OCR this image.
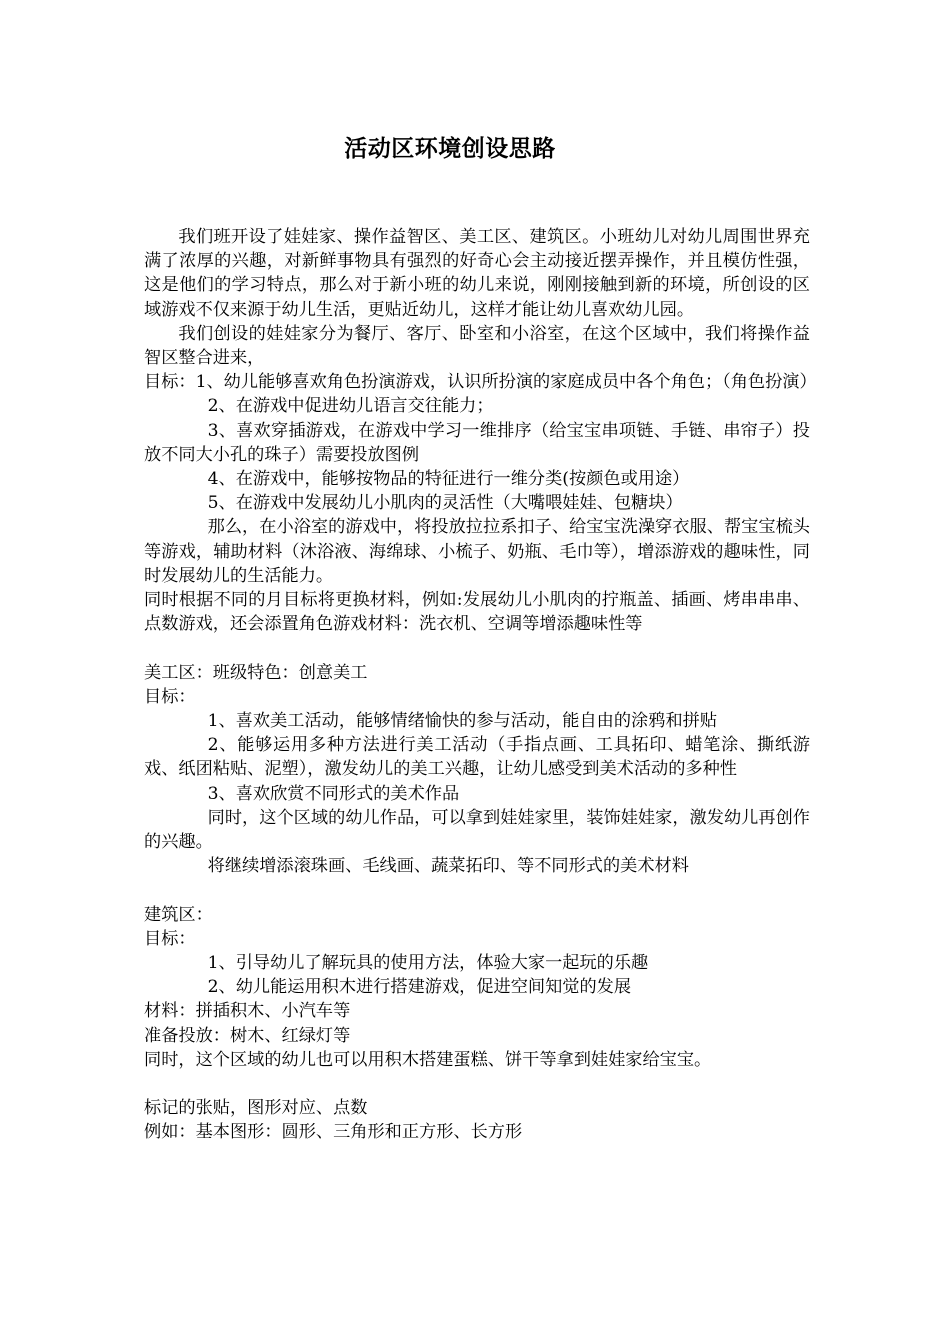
活动区环境创设思路

我们班开设了娃娃家、操作益智区、美工区、建筑区。小班幼儿对幼儿周围世界充满了浓厚的兴趣，对新鲜事物具有强烈的好奇心会主动接近摆弄操作，并且模仿性强，这是他们的学习特点，那么对于新小班的幼儿来说，刚刚接触到新的环境，所创设的区域游戏不仅来源于幼儿生活，更贴近幼儿，这样才能让幼儿喜欢幼儿园。

我们创设的娃娃家分为餐厅、客厅、卧室和小浴室，在这个区域中，我们将操作益智区整合进来，

目标：1、幼儿能够喜欢角色扮演游戏，认识所扮演的家庭成员中各个角色；（角色扮演）

2、在游戏中促进幼儿语言交往能力；

3、喜欢穿插游戏，在游戏中学习一维排序（给宝宝串项链、手链、串帘子）投放不同大小孔的珠子）需要投放图例

4、在游戏中，能够按物品的特征进行一维分类(按颜色或用途）

5、在游戏中发展幼儿小肌肉的灵活性（大嘴喂娃娃、包糖块）

那么，在小浴室的游戏中，将投放拉拉系扣子、给宝宝洗澡穿衣服、帮宝宝梳头等游戏，辅助材料（沐浴液、海绵球、小梳子、奶瓶、毛巾等），增添游戏的趣味性，同时发展幼儿的生活能力。

同时根据不同的月目标将更换材料，例如:发展幼儿小肌肉的拧瓶盖、插画、烤串串串、点数游戏，还会添置角色游戏材料：洗衣机、空调等增添趣味性等

美工区：班级特色：创意美工

目标：

1、喜欢美工活动，能够情绪愉快的参与活动，能自由的涂鸦和拼贴

2、能够运用多种方法进行美工活动（手指点画、工具拓印、蜡笔涂、撕纸游戏、纸团粘贴、泥塑），激发幼儿的美工兴趣，让幼儿感受到美术活动的多种性

3、喜欢欣赏不同形式的美术作品

同时，这个区域的幼儿作品，可以拿到娃娃家里，装饰娃娃家，激发幼儿再创作的兴趣。

将继续增添滚珠画、毛线画、蔬菜拓印、等不同形式的美术材料

建筑区：

目标：

1、引导幼儿了解玩具的使用方法，体验大家一起玩的乐趣

2、幼儿能运用积木进行搭建游戏，促进空间知觉的发展

材料：拼插积木、小汽车等

准备投放：树木、红绿灯等

同时，这个区域的幼儿也可以用积木搭建蛋糕、饼干等拿到娃娃家给宝宝。

标记的张贴，图形对应、点数

例如：基本图形：圆形、三角形和正方形、长方形
